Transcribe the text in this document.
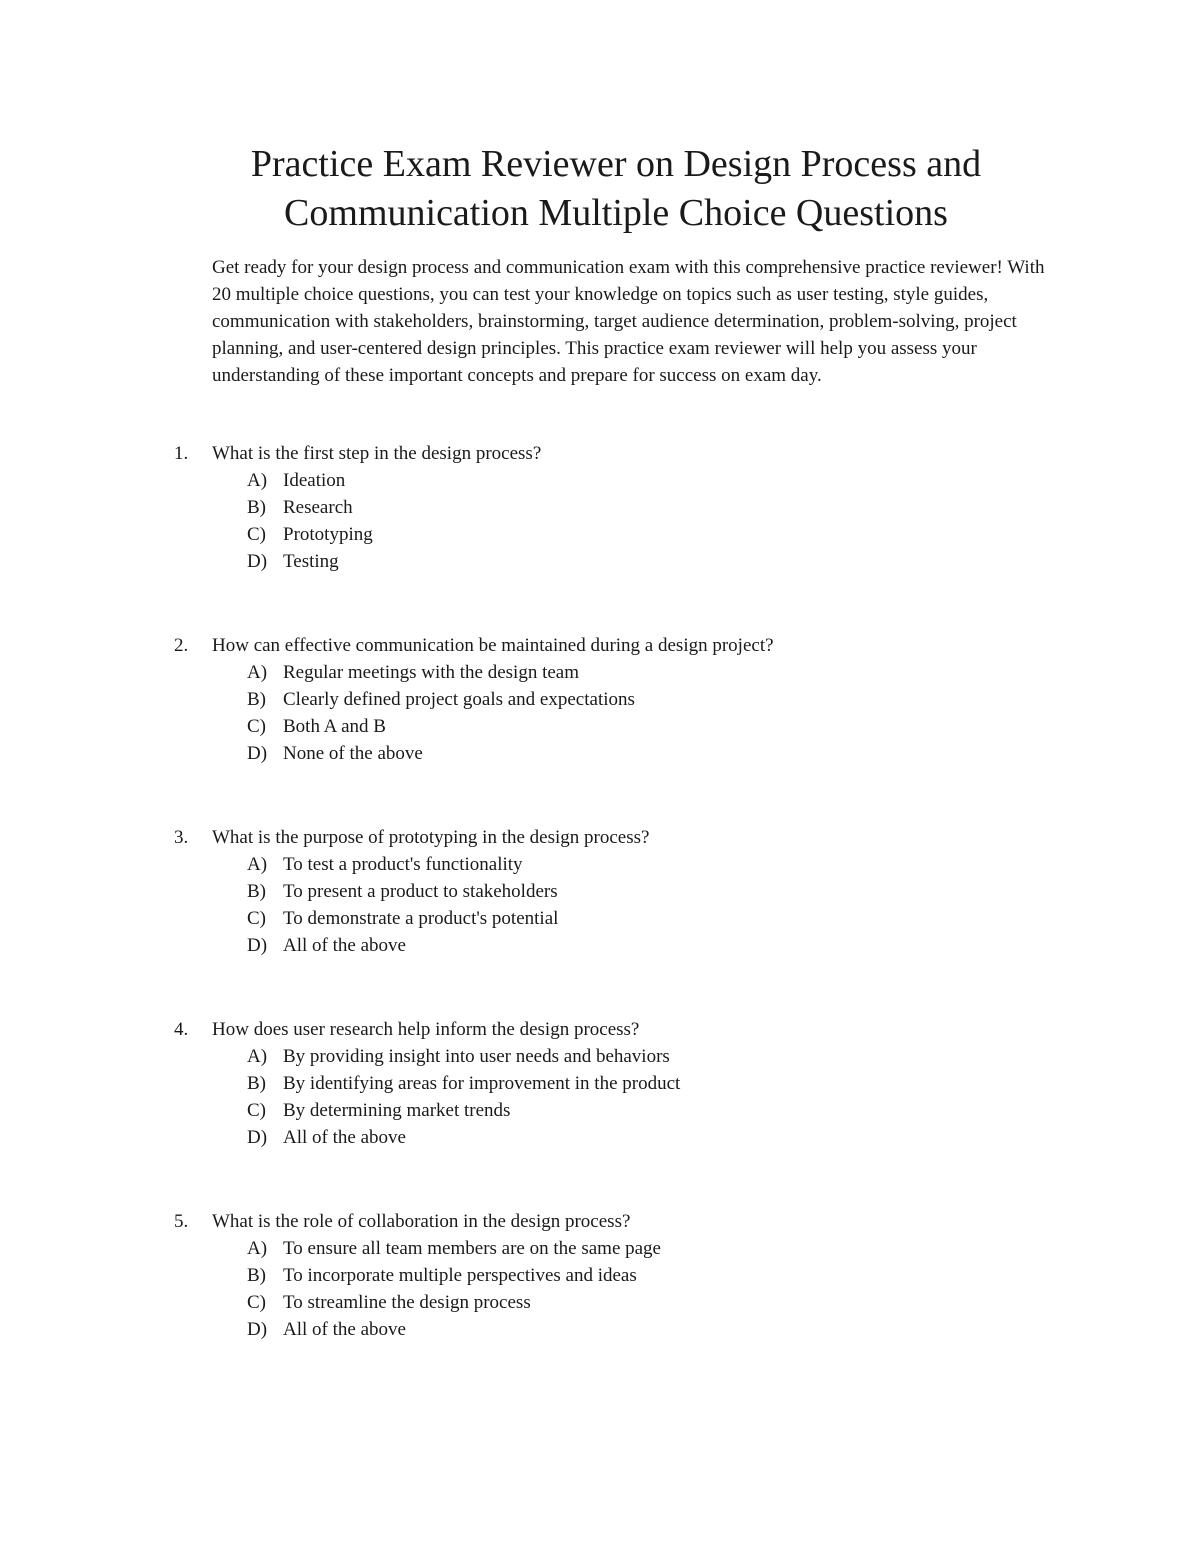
Practice Exam Reviewer on Design Process and
Communication Multiple Choice Questions

Get ready for your design process and communication exam with this comprehensive practice reviewer! With 20 multiple choice questions, you can test your knowledge on topics such as user testing, style guides, communication with stakeholders, brainstorming, target audience determination, problem-solving, project planning, and user-centered design principles. This practice exam reviewer will help you assess your understanding of these important concepts and prepare for success on exam day.

1. What is the first step in the design process?
A) Ideation
B) Research
C) Prototyping
D) Testing
2. How can effective communication be maintained during a design project?
A) Regular meetings with the design team
B) Clearly defined project goals and expectations
C) Both A and B
D) None of the above
3. What is the purpose of prototyping in the design process?
A) To test a product's functionality
B) To present a product to stakeholders
C) To demonstrate a product's potential
D) All of the above
4. How does user research help inform the design process?
A) By providing insight into user needs and behaviors
B) By identifying areas for improvement in the product
C) By determining market trends
D) All of the above
5. What is the role of collaboration in the design process?
A) To ensure all team members are on the same page
B) To incorporate multiple perspectives and ideas
C) To streamline the design process
D) All of the above
